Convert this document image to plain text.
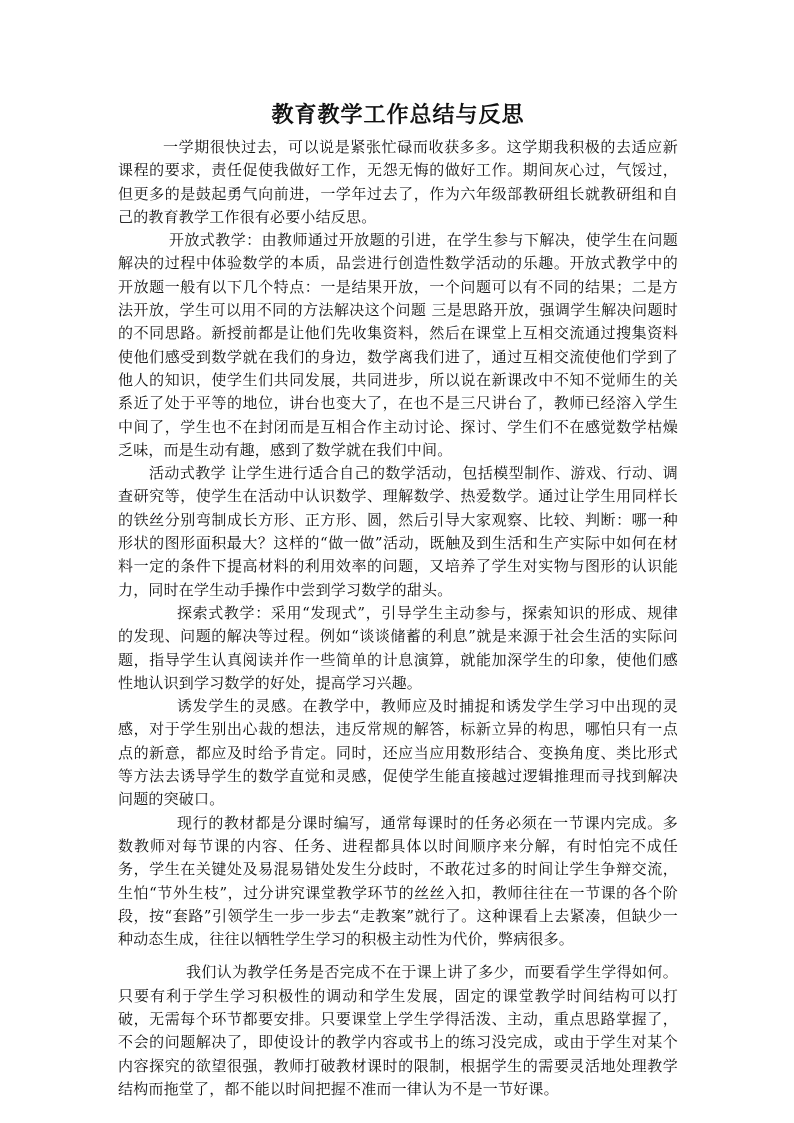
教育教学工作总结与反思

一学期很快过去，可以说是紧张忙碌而收获多多。这学期我积极的去适应新课程的要求，责任促使我做好工作，无怨无悔的做好工作。期间灰心过，气馁过，但更多的是鼓起勇气向前进，一学年过去了，作为六年级部教研组长就教研组和自己的教育教学工作很有必要小结反思。

开放式教学：由教师通过开放题的引进，在学生参与下解决，使学生在问题解决的过程中体验数学的本质，品尝进行创造性数学活动的乐趣。开放式教学中的开放题一般有以下几个特点：一是结果开放，一个问题可以有不同的结果；二是方法开放，学生可以用不同的方法解决这个问题 三是思路开放，强调学生解决问题时的不同思路。新授前都是让他们先收集资料，然后在课堂上互相交流通过搜集资料使他们感受到数学就在我们的身边，数学离我们进了，通过互相交流使他们学到了他人的知识，使学生们共同发展，共同进步，所以说在新课改中不知不觉师生的关系近了处于平等的地位，讲台也变大了，在也不是三尺讲台了，教师已经溶入学生中间了，学生也不在封闭而是互相合作主动讨论、探讨、学生们不在感觉数学枯燥乏味，而是生动有趣，感到了数学就在我们中间。

活动式教学 让学生进行适合自己的数学活动，包括模型制作、游戏、行动、调查研究等，使学生在活动中认识数学、理解数学、热爱数学。通过让学生用同样长的铁丝分别弯制成长方形、正方形、圆，然后引导大家观察、比较、判断：哪一种形状的图形面积最大？这样的“做一做”活动，既触及到生活和生产实际中如何在材料一定的条件下提高材料的利用效率的问题，又培养了学生对实物与图形的认识能力，同时在学生动手操作中尝到学习数学的甜头。

探索式教学：采用“发现式”，引导学生主动参与，探索知识的形成、规律的发现、问题的解决等过程。例如“谈谈储蓄的利息”就是来源于社会生活的实际问题，指导学生认真阅读并作一些简单的计息演算，就能加深学生的印象，使他们感性地认识到学习数学的好处，提高学习兴趣。

诱发学生的灵感。在教学中，教师应及时捕捉和诱发学生学习中出现的灵感，对于学生别出心裁的想法，违反常规的解答，标新立异的构思，哪怕只有一点点的新意，都应及时给予肯定。同时，还应当应用数形结合、变换角度、类比形式等方法去诱导学生的数学直觉和灵感，促使学生能直接越过逻辑推理而寻找到解决问题的突破口。

现行的教材都是分课时编写，通常每课时的任务必须在一节课内完成。多数教师对每节课的内容、任务、进程都具体以时间顺序来分解，有时怕完不成任务，学生在关键处及易混易错处发生分歧时，不敢花过多的时间让学生争辩交流，生怕“节外生枝”，过分讲究课堂教学环节的丝丝入扣，教师往往在一节课的各个阶段，按“套路”引领学生一步一步去“走教案”就行了。这种课看上去紧凑，但缺少一种动态生成，往往以牺牲学生学习的积极主动性为代价，弊病很多。

我们认为教学任务是否完成不在于课上讲了多少，而要看学生学得如何。只要有利于学生学习积极性的调动和学生发展，固定的课堂教学时间结构可以打破，无需每个环节都要安排。只要课堂上学生学得活泼、主动，重点思路掌握了，不会的问题解决了，即使设计的教学内容或书上的练习没完成，或由于学生对某个内容探究的欲望很强，教师打破教材课时的限制，根据学生的需要灵活地处理教学结构而拖堂了，都不能以时间把握不准而一律认为不是一节好课。
